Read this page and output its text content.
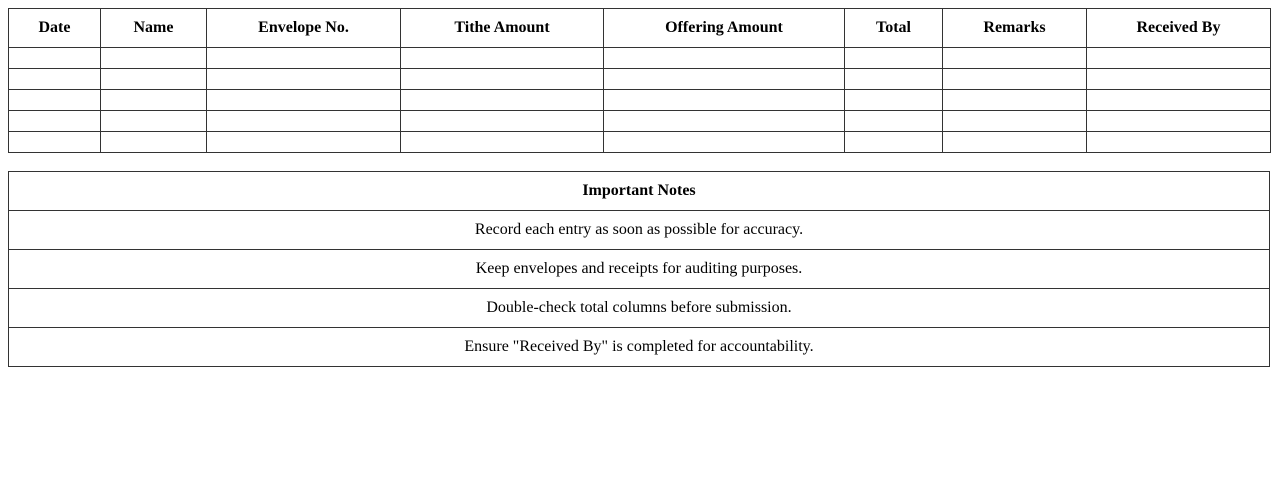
Date	Name	Envelope No.	Tithe Amount	Offering Amount	Total	Remarks	Received By

Important Notes
Record each entry as soon as possible for accuracy.
Keep envelopes and receipts for auditing purposes.
Double-check total columns before submission.
Ensure "Received By" is completed for accountability.
